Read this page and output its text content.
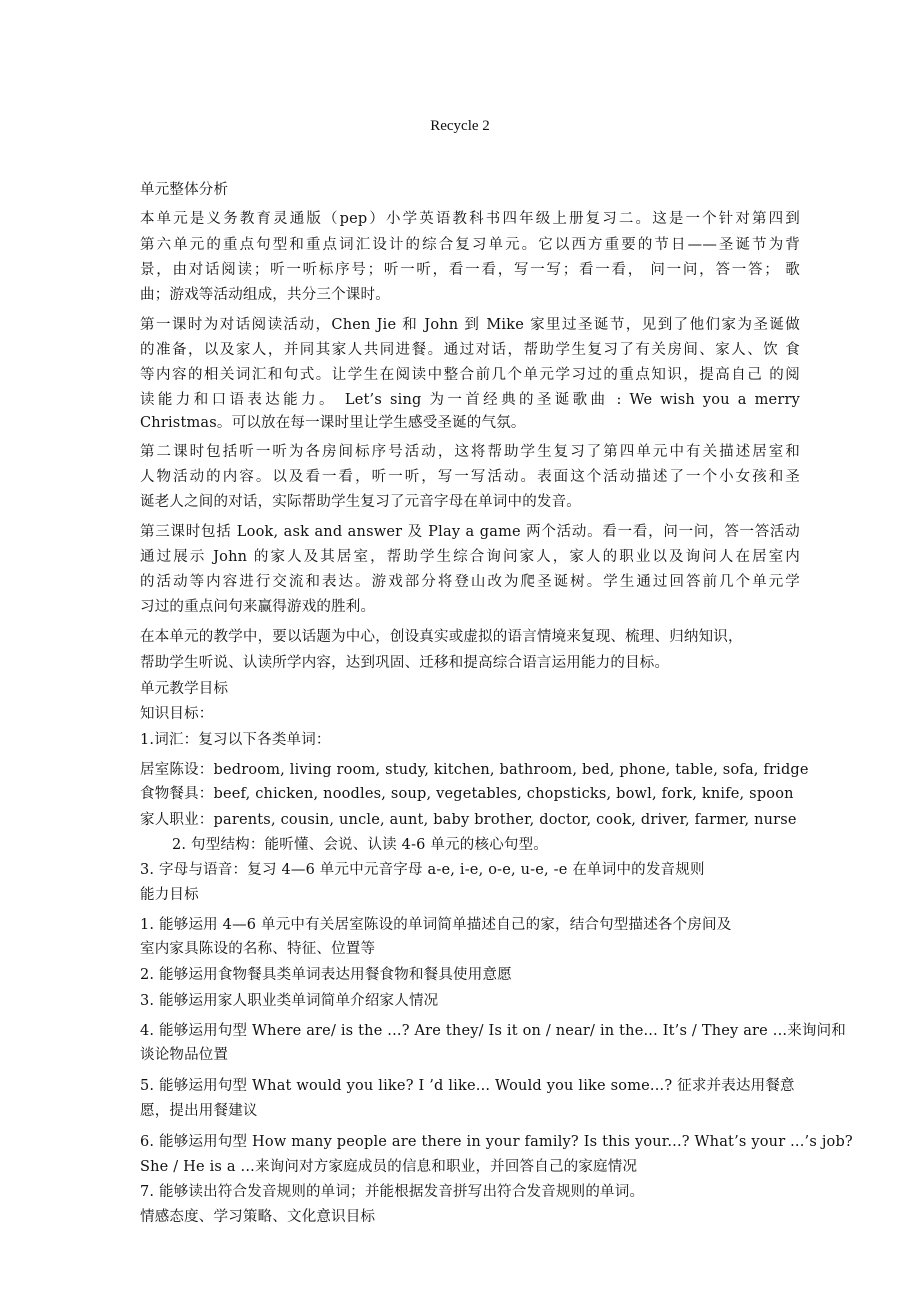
Recycle 2
单元整体分析
本单元是义务教育灵通版（pep）小学英语教科书四年级上册复习二。这是一个针对第四到
第六单元的重点句型和重点词汇设计的综合复习单元。它以西方重要的节日——圣诞节为背
景，由对话阅读；听一听标序号；听一听，看一看，写一写；看一看， 问一问，答一答； 歌
曲；游戏等活动组成，共分三个课时。
第一课时为对话阅读活动，Chen Jie 和 John 到 Mike 家里过圣诞节，见到了他们家为圣诞做
的准备，以及家人，并同其家人共同进餐。通过对话，帮助学生复习了有关房间、家人、饮 食
等内容的相关词汇和句式。让学生在阅读中整合前几个单元学习过的重点知识，提高自己 的阅
读能力和口语表达能力。 Let’s sing 为一首经典的圣诞歌曲 : We wish you a merry
Christmas。可以放在每一课时里让学生感受圣诞的气氛。
第二课时包括听一听为各房间标序号活动，这将帮助学生复习了第四单元中有关描述居室和
人物活动的内容。以及看一看，听一听，写一写活动。表面这个活动描述了一个小女孩和圣
诞老人之间的对话，实际帮助学生复习了元音字母在单词中的发音。
第三课时包括 Look, ask and answer 及 Play a game 两个活动。看一看，问一问，答一答活动
通过展示 John 的家人及其居室，帮助学生综合询问家人，家人的职业以及询问人在居室内
的活动等内容进行交流和表达。游戏部分将登山改为爬圣诞树。学生通过回答前几个单元学
习过的重点问句来赢得游戏的胜利。
在本单元的教学中，要以话题为中心，创设真实或虚拟的语言情境来复现、梳理、归纳知识，
帮助学生听说、认读所学内容，达到巩固、迁移和提高综合语言运用能力的目标。
单元教学目标
知识目标：
1.词汇：复习以下各类单词：
居室陈设：bedroom, living room, study, kitchen, bathroom, bed, phone, table, sofa, fridge
食物餐具：beef, chicken, noodles, soup, vegetables, chopsticks, bowl, fork, knife, spoon
家人职业：parents, cousin, uncle, aunt, baby brother, doctor, cook, driver, farmer, nurse
2. 句型结构：能听懂、会说、认读 4-6 单元的核心句型。
3. 字母与语音：复习 4—6 单元中元音字母 a-e, i-e, o-e, u-e, -e 在单词中的发音规则
能力目标
1. 能够运用 4—6 单元中有关居室陈设的单词简单描述自己的家，结合句型描述各个房间及
室内家具陈设的名称、特征、位置等
2. 能够运用食物餐具类单词表达用餐食物和餐具使用意愿
3. 能够运用家人职业类单词简单介绍家人情况
4. 能够运用句型 Where are/ is the ...? Are they/ Is it on / near/ in the... It’s / They are ...来询问和
谈论物品位置
5. 能够运用句型 What would you like? I ’d like... Would you like some...? 征求并表达用餐意
愿，提出用餐建议
6. 能够运用句型 How many people are there in your family? Is this your...? What’s your ...’s job?
She / He is a ...来询问对方家庭成员的信息和职业，并回答自己的家庭情况
7. 能够读出符合发音规则的单词；并能根据发音拼写出符合发音规则的单词。
情感态度、学习策略、文化意识目标
